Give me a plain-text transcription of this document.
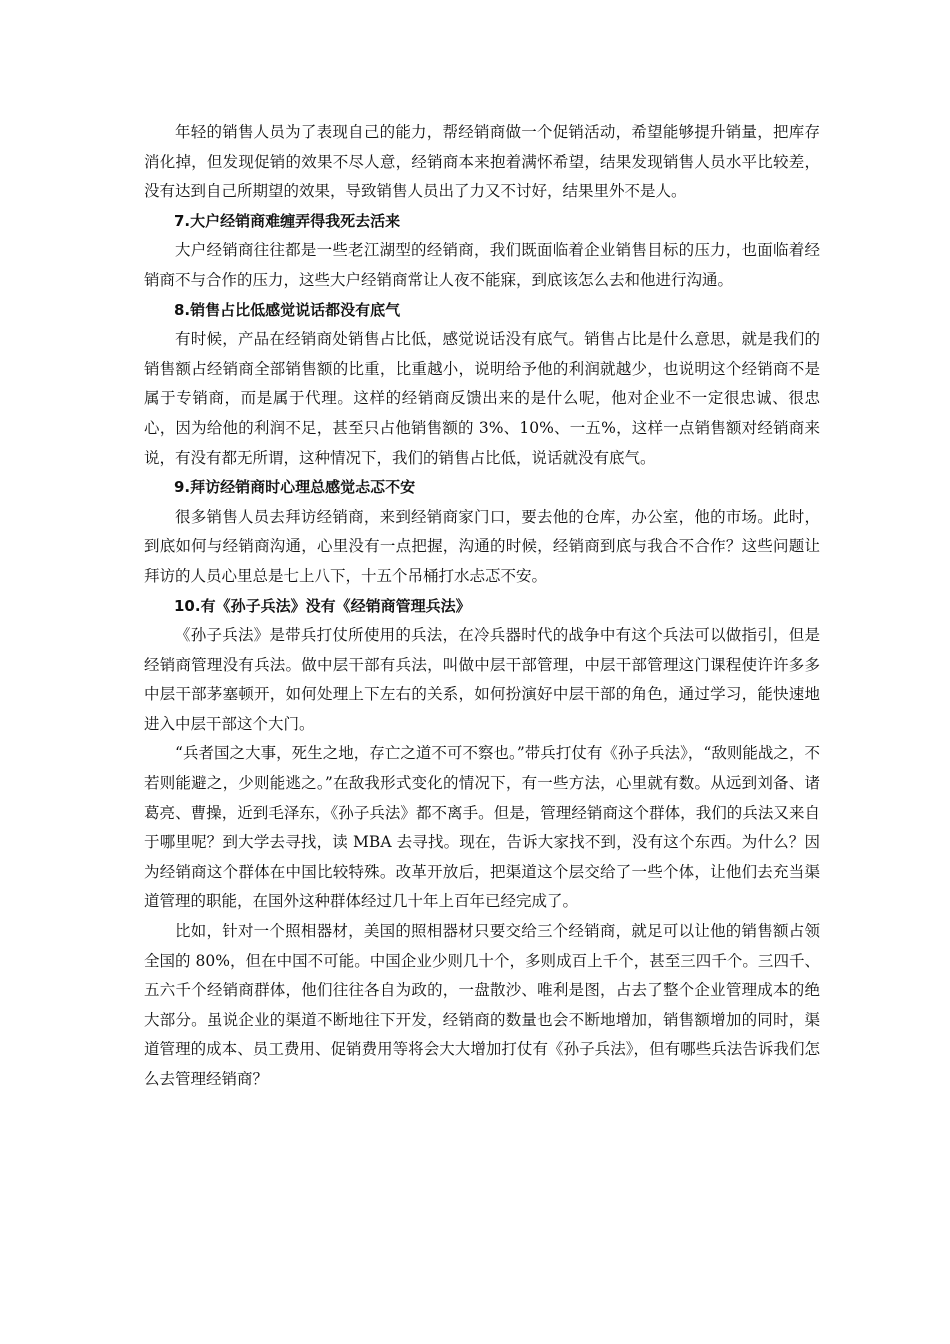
年轻的销售人员为了表现自己的能力，帮经销商做一个促销活动，希望能够提升销量，把库存消化掉，但发现促销的效果不尽人意，经销商本来抱着满怀希望，结果发现销售人员水平比较差，没有达到自己所期望的效果，导致销售人员出了力又不讨好，结果里外不是人。

7.大户经销商难缠弄得我死去活来

大户经销商往往都是一些老江湖型的经销商，我们既面临着企业销售目标的压力，也面临着经销商不与合作的压力，这些大户经销商常让人夜不能寐，到底该怎么去和他进行沟通。

8.销售占比低感觉说话都没有底气

有时候，产品在经销商处销售占比低，感觉说话没有底气。销售占比是什么意思，就是我们的销售额占经销商全部销售额的比重，比重越小，说明给予他的利润就越少，也说明这个经销商不是属于专销商，而是属于代理。这样的经销商反馈出来的是什么呢，他对企业不一定很忠诚、很忠心，因为给他的利润不足，甚至只占他销售额的 3%、10%、一五%，这样一点销售额对经销商来说，有没有都无所谓，这种情况下，我们的销售占比低，说话就没有底气。

9.拜访经销商时心理总感觉忐忑不安

很多销售人员去拜访经销商，来到经销商家门口，要去他的仓库，办公室，他的市场。此时，到底如何与经销商沟通，心里没有一点把握，沟通的时候，经销商到底与我合不合作？这些问题让拜访的人员心里总是七上八下，十五个吊桶打水忐忑不安。

10.有《孙子兵法》没有《经销商管理兵法》

《孙子兵法》是带兵打仗所使用的兵法，在冷兵器时代的战争中有这个兵法可以做指引，但是经销商管理没有兵法。做中层干部有兵法，叫做中层干部管理，中层干部管理这门课程使许许多多中层干部茅塞顿开，如何处理上下左右的关系，如何扮演好中层干部的角色，通过学习，能快速地进入中层干部这个大门。

“兵者国之大事，死生之地，存亡之道不可不察也。”带兵打仗有《孙子兵法》，“敌则能战之，不若则能避之，少则能逃之。”在敌我形式变化的情况下，有一些方法，心里就有数。从远到刘备、诸葛亮、曹操，近到毛泽东，《孙子兵法》都不离手。但是，管理经销商这个群体，我们的兵法又来自于哪里呢？到大学去寻找，读 MBA 去寻找。现在，告诉大家找不到，没有这个东西。为什么？因为经销商这个群体在中国比较特殊。改革开放后，把渠道这个层交给了一些个体，让他们去充当渠道管理的职能，在国外这种群体经过几十年上百年已经完成了。

比如，针对一个照相器材，美国的照相器材只要交给三个经销商，就足可以让他的销售额占领全国的 80%，但在中国不可能。中国企业少则几十个，多则成百上千个，甚至三四千个。三四千、五六千个经销商群体，他们往往各自为政的，一盘散沙、唯利是图，占去了整个企业管理成本的绝大部分。虽说企业的渠道不断地往下开发，经销商的数量也会不断地增加，销售额增加的同时，渠道管理的成本、员工费用、促销费用等将会大大增加打仗有《孙子兵法》，但有哪些兵法告诉我们怎么去管理经销商？
